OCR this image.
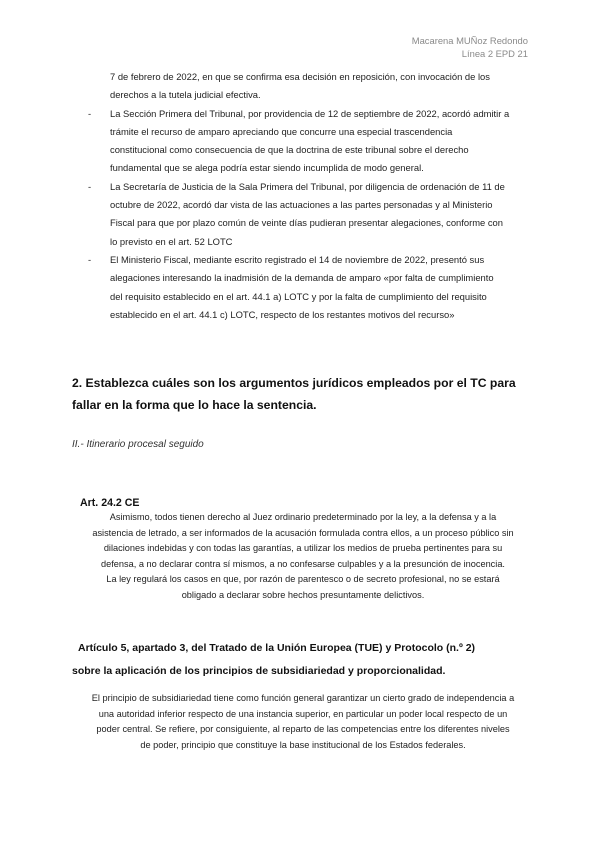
Macarena MUÑoz Redondo
Línea 2 EPD 21
7 de febrero de 2022, en que se confirma esa decisión en reposición, con invocación de los
derechos a la tutela judicial efectiva.
- La Sección Primera del Tribunal, por providencia de 12 de septiembre de 2022, acordó admitir a
trámite el recurso de amparo apreciando que concurre una especial trascendencia
constitucional como consecuencia de que la doctrina de este tribunal sobre el derecho
fundamental que se alega podría estar siendo incumplida de modo general.
- La Secretaría de Justicia de la Sala Primera del Tribunal, por diligencia de ordenación de 11 de
octubre de 2022, acordó dar vista de las actuaciones a las partes personadas y al Ministerio
Fiscal para que por plazo común de veinte días pudieran presentar alegaciones, conforme con
lo previsto en el art. 52 LOTC
- El Ministerio Fiscal, mediante escrito registrado el 14 de noviembre de 2022, presentó sus
alegaciones interesando la inadmisión de la demanda de amparo «por falta de cumplimiento
del requisito establecido en el art. 44.1 a) LOTC y por la falta de cumplimiento del requisito
establecido en el art. 44.1 c) LOTC, respecto de los restantes motivos del recurso»
2. Establezca cuáles son los argumentos jurídicos empleados por el TC para
fallar en la forma que lo hace la sentencia.
II.- Itinerario procesal seguido
Art. 24.2 CE
Asimismo, todos tienen derecho al Juez ordinario predeterminado por la ley, a la defensa y a la
asistencia de letrado, a ser informados de la acusación formulada contra ellos, a un proceso público sin
dilaciones indebidas y con todas las garantías, a utilizar los medios de prueba pertinentes para su
defensa, a no declarar contra sí mismos, a no confesarse culpables y a la presunción de inocencia.
La ley regulará los casos en que, por razón de parentesco o de secreto profesional, no se estará
obligado a declarar sobre hechos presuntamente delictivos.
Artículo 5, apartado 3, del Tratado de la Unión Europea (TUE) y Protocolo (n.º 2)
sobre la aplicación de los principios de subsidiariedad y proporcionalidad.
El principio de subsidiariedad tiene como función general garantizar un cierto grado de independencia a
una autoridad inferior respecto de una instancia superior, en particular un poder local respecto de un
poder central. Se refiere, por consiguiente, al reparto de las competencias entre los diferentes niveles
de poder, principio que constituye la base institucional de los Estados federales.
